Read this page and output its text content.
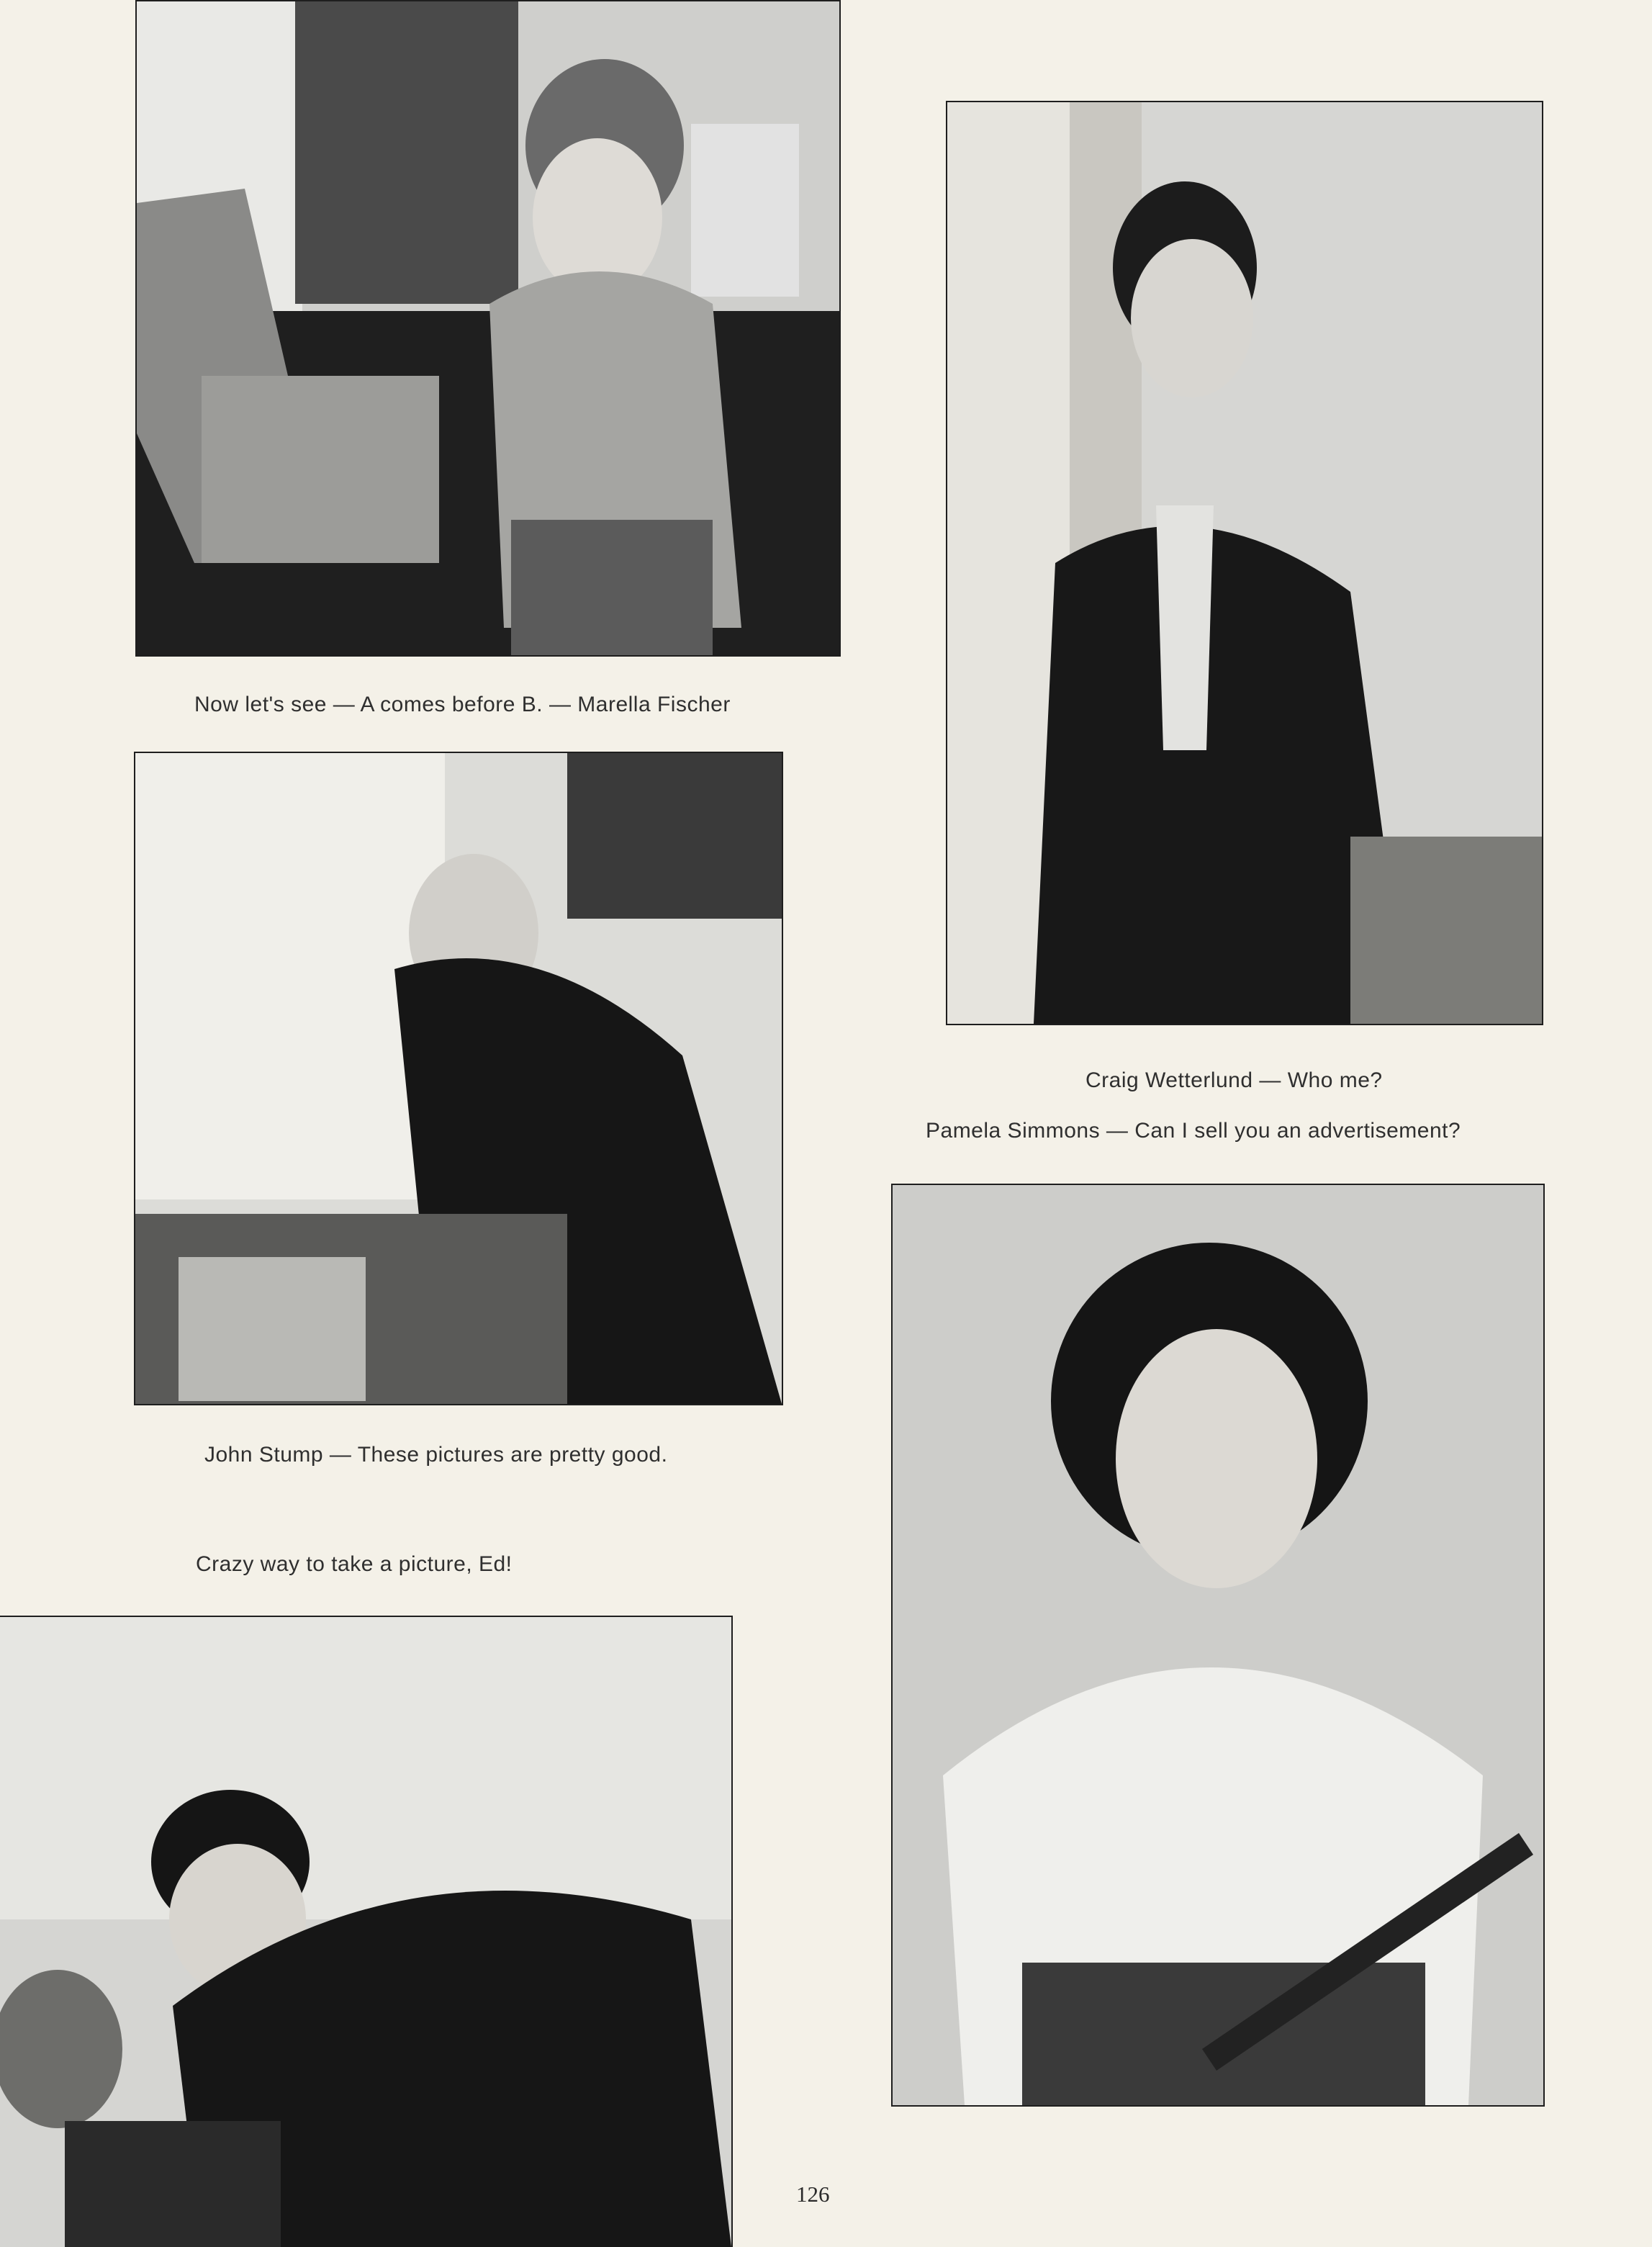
Now let's see — A comes before B. — Marella Fischer
Craig Wetterlund — Who me?
Pamela Simmons — Can I sell you an advertisement?
John Stump — These pictures are pretty good.
Crazy way to take a picture, Ed!
126
